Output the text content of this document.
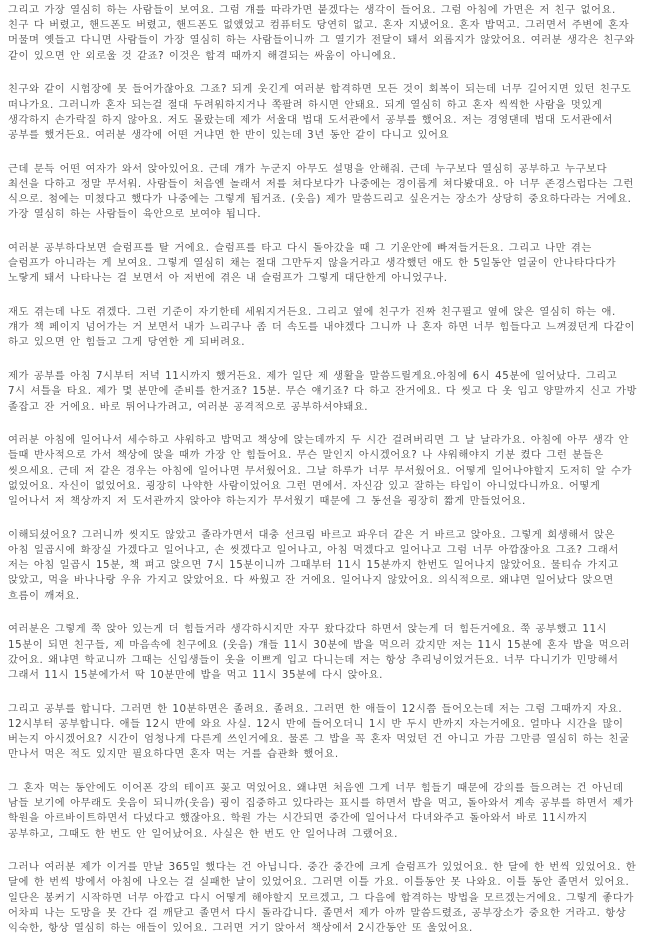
그리고 가장 열심히 하는 사람들이 보여요. 그럼 걔를 따라가면 붙겠다는 생각이 들어요. 그럼 아침에 가면은 저 친구 없어요. 친구 다 버렸고, 핸드폰도 버렸고, 핸드폰도 없앴었고 컴퓨터도 당연히 없고. 혼자 지냈어요. 혼자 밥먹고. 그러면서 주변에 혼자 머물며 옛들고 다니면 사람들이 가장 열심히 하는 사람들이니까 그 열기가 전달이 돼서 외롭지가 않았어요. 여러분 생각은 친구와 같이 있으면 안 외로울 것 같죠? 이것은 합격 때까지 해결되는 싸움이 아니에요.

친구와 같이 시험장에 못 들어가잖아요 그죠? 되게 웃긴게 여러분 합격하면 모든 것이 회복이 되는데 너무 길어지면 있던 친구도 떠나가요. 그러니까 혼자 되는걸 절대 두려워하지거나 쪽팔려 하시면 안돼요. 되게 열심히 하고 혼자 씩씩한 사람을 멋있게 생각하지 손가락질 하지 않아요. 저도 몰랐는데 제가 서울대 법대 도서관에서 공부를 했어요. 저는 경영댄데 법대 도서관에서 공부를 했거든요. 여러분 생각에 어떤 거냐면 한 반이 있는데 3년 동안 같이 다니고 있어요

근데 문득 어떤 여자가 와서 앉아있어요. 근데 걔가 누군지 아무도 설명을 안해줘. 근데 누구보다 열심히 공부하고 누구보다 최선을 다하고 정말 무서워. 사람들이 처음엔 놀래서 저를 쳐다보다가 나중에는 경이롭게 쳐다봤대요. 아 너무 존경스럽다는 그런 식으로. 첨에는 미쳤다고 했다가 나중에는 그렇게 됩거죠. (웃음) 제가 말씀드리고 싶은거는 장소가 상당히 중요하다라는 거에요. 가장 열심히 하는 사람들이 육안으로 보여야 됩니다.

여러분 공부하다보면 슬럼프를 탈 거에요. 슬럼프를 타고 다시 돌아갔을 때 그 기운안에 빠져들거든요. 그리고 나만 겪는 슬럼프가 아니라는 게 보여요. 그렇게 열심히 채는 절대 그만두지 않을거라고 생각했던 애도 한 5일동안 얼굴이 안나타다다가 노랗게 돼서 나타나는 걸 보면서 아 저번에 겪은 내 슬럼프가 그렇게 대단한게 아니었구나.

재도 겪는데 나도 겪겠다. 그런 기준이 자기한테 세워지거든요. 그리고 옆에 친구가 진짜 친구필고 옆에 앉은 열심히 하는 애. 걔가 책 페이지 넘어가는 거 보면서 내가 느리구나 좀 더 속도를 내야겠다 그니까 나 혼자 하면 너무 힘들다고 느껴졌던게 다같이 하고 있으면 안 힘들고 그게 당연한 게 되버려요.

제가 공부를 아침 7시부터 저녁 11시까지 했거든요. 제가 일단 제 생활을 말씀드릴게요.아침에 6시 45분에 일어났다. 그리고 7시 셔틀을 타요. 제가 몇 분만에 준비를 한거죠? 15분. 무슨 얘기죠? 다 하고 잔거에요. 다 씻고 다 옷 입고 양말까지 신고 가방 졸잡고 잔 거에요. 바로 튀어나가려고, 여러분 공격적으로 공부하셔야돼요.

여러분 아침에 일어나서 세수하고 샤워하고 밥먹고 책상에 앉는데까지 두 시간 걸려버리면 그 날 날라가요. 아침에 아무 생각 안 들때 반사적으로 가서 책상에 앉을 때까 가장 안 힘들어요. 무슨 말인지 아시겠어요? 나 샤워해야지 기분 켰다 그런 분들은 씻으세요. 근데 저 같은 경우는 아침에 일어나면 무서웠어요. 그날 하루가 너무 무서웠어요. 어떻게 일어나야할지 도저히 알 수가 없었어요. 자신이 없었어요. 굉장히 나약한 사람이었어요 그런 면에서. 자신감 있고 잘하는 타입이 아니었다니까요. 어떻게 일어나서 저 책상까지 저 도서관까지 앉아야 하는지가 무서웠기 때문에 그 동선을 굉장히 짧게 만들었어요.

이해되셨어요? 그러니까 씻지도 않았고 졸라가면서 대충 선크림 바르고 파우더 같은 거 바르고 앉아요. 그렇게 희생해서 앉은 아침 일곱시에 화장실 가겠다고 일어나고, 손 씻겠다고 일어나고, 아침 먹겠다고 일어나고 그럼 너무 아깝잖아요 그죠? 그래서 저는 아침 일곱시 15분, 책 펴고 앉으면 7시 15분이니까 그때부터 11시 15분까지 한번도 일어나지 않았어요. 물티슈 가지고 앉았고, 먹을 바나나랑 우유 가지고 앉았어요. 다 싸웠고 잔 거에요. 일어나지 않았어요. 의식적으로. 왜냐면 일어났다 앉으면 흐름이 깨져요.

여러분은 그렇게 쭉 앉아 있는게 더 힘들거라 생각하시지만 자꾸 왔다갔다 하면서 앉는게 더 힘든거에요. 쭉 공부했고 11시 15분이 되면 친구들, 제 마음속에 친구에요 (웃음) 걔들 11시 30분에 밥을 먹으러 갔지만 저는 11시 15분에 혼자 밥을 먹으러 갔어요. 왜냐면 학교니까 그때는 신입생들이 옷을 이쁘게 입고 다니는데 저는 항상 추리닝이었거든요. 너무 다니기가 민망해서 그래서 11시 15분에가서 딱 10분만에 밥을 먹고 11시 35분에 다시 앉아요.

그리고 공부를 합니다. 그러면 한 10분하면은 졸려요. 졸려요. 그러면 한 애들이 12시쯤 들어오는데 저는 그럼 그때까지 자요. 12시부터 공부합니다. 애들 12시 반에 와요 사실. 12시 반에 들어오더니 1시 반 두시 반까지 자는거에요. 얼마나 시간을 많이 버는지 아시겠어요? 시간이 엄청나게 다른게 쓰인거에요. 물론 그 밥을 꼭 혼자 먹었던 건 아니고 가끔 그만큼 열심히 하는 친굴 만나서 먹은 적도 있지만 필요하다면 혼자 먹는 거를 습관화 했어요.

그 혼자 먹는 동안에도 이어폰 강의 테이프 꽂고 먹었어요. 왜냐면 처음엔 그게 너무 힘들기 때문에 강의를 들으려는 건 아닌데 남들 보기에 아무래도 웃음이 되니까(웃음) 굉이 집중하고 있다라는 표시를 하면서 밥을 먹고, 돌아와서 계속 공부를 하면서 제가 학원을 아르바이트하면서 다녔다고 했잖아요. 학원 가는 시간되면 중간에 일어나서 다녀와주고 돌아와서 바로 11시까지 공부하고, 그때도 한 번도 안 일어났어요. 사실은 한 번도 안 일어나려 그랬어요.

그러나 여러분 제가 이거를 만날 365일 했다는 건 아닙니다. 중간 중간에 크게 슬럼프가 있었어요. 한 달에 한 번씩 있었어요. 한 달에 한 번씩 방에서 아침에 나오는 걸 실패한 날이 있었어요. 그러면 이틀 가요. 이틀동안 못 나와요. 이틀 동안 졸면서 있어요. 일단은 봉커기 시작하면 너무 아깝고 다시 어떻게 해야할지 모르겠고, 그 다음에 합격하는 방법을 모르겠는거에요. 그렇게 좋다가 어차피 나는 도망을 못 간다 걸 깨닫고 졸면서 다시 돌라갑니다. 졸면서 제가 아까 말씀드렸죠, 공부장소가 중요한 거라고. 항상 익숙한, 항상 열심히 하는 애들이 있어요. 그러면 거기 앉아서 책상에서 2시간동안 또 울었어요.
